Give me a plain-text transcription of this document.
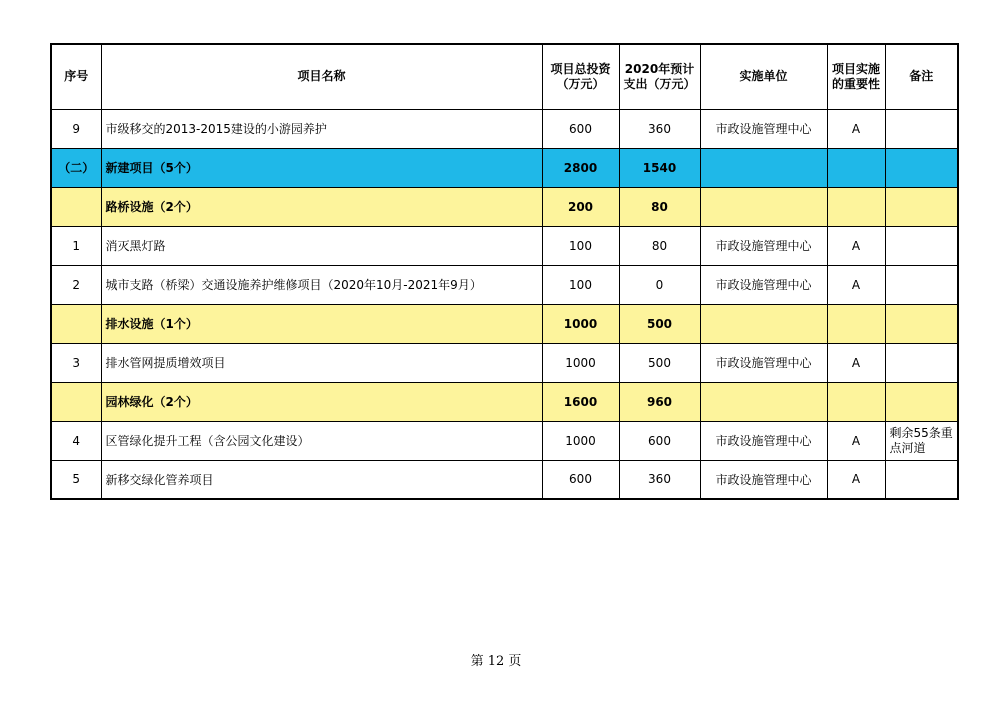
序号	项目名称	项目总投资（万元）	2020年预计支出（万元）	实施单位	项目实施的重要性	备注
9	市级移交的2013-2015建设的小游园养护	600	360	市政设施管理中心	A	
（二）	新建项目（5个）	2800	1540			
	路桥设施（2个）	200	80			
1	消灭黑灯路	100	80	市政设施管理中心	A	
2	城市支路（桥梁）交通设施养护维修项目（2020年10月-2021年9月）	100	0	市政设施管理中心	A	
	排水设施（1个）	1000	500			
3	排水管网提质增效项目	1000	500	市政设施管理中心	A	
	园林绿化（2个）	1600	960			
4	区管绿化提升工程（含公园文化建设）	1000	600	市政设施管理中心	A	剩余55条重点河道
5	新移交绿化管养项目	600	360	市政设施管理中心	A	
第 12 页
